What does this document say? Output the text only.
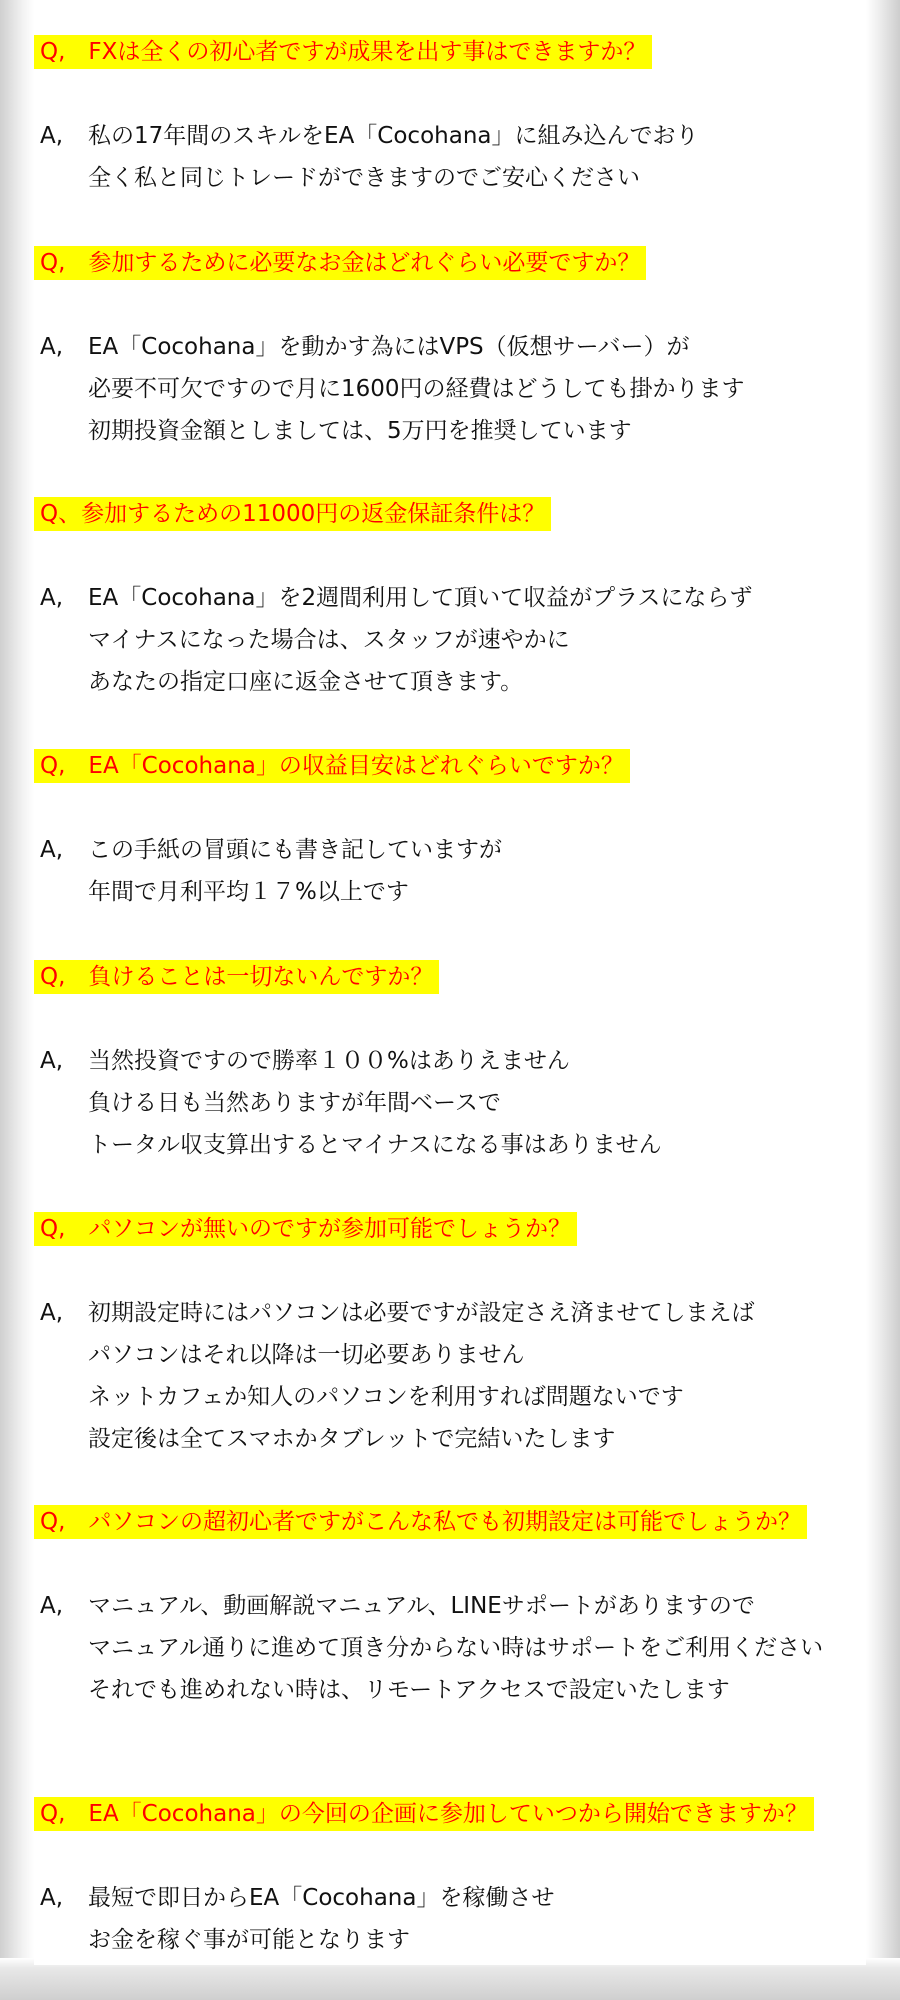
Q,　FXは全くの初心者ですが成果を出す事はできますか？
A, 私の17年間のスキルをEA「Cocohana」に組み込んでおり
全く私と同じトレードができますのでご安心ください
Q,　参加するために必要なお金はどれぐらい必要ですか？
A, EA「Cocohana」を動かす為にはVPS（仮想サーバー）が
必要不可欠ですので月に1600円の経費はどうしても掛かります
初期投資金額としましては、5万円を推奨しています
Q、参加するための11000円の返金保証条件は？
A, EA「Cocohana」を2週間利用して頂いて収益がプラスにならず
マイナスになった場合は、スタッフが速やかに
あなたの指定口座に返金させて頂きます。
Q,　EA「Cocohana」の収益目安はどれぐらいですか？
A, この手紙の冒頭にも書き記していますが
年間で月利平均１７%以上です
Q,　負けることは一切ないんですか？
A, 当然投資ですので勝率１００%はありえません
負ける日も当然ありますが年間ベースで
トータル収支算出するとマイナスになる事はありません
Q,　パソコンが無いのですが参加可能でしょうか？
A, 初期設定時にはパソコンは必要ですが設定さえ済ませてしまえば
パソコンはそれ以降は一切必要ありません
ネットカフェか知人のパソコンを利用すれば問題ないです
設定後は全てスマホかタブレットで完結いたします
Q,　パソコンの超初心者ですがこんな私でも初期設定は可能でしょうか？
A, マニュアル、動画解説マニュアル、LINEサポートがありますので
マニュアル通りに進めて頂き分からない時はサポートをご利用ください
それでも進めれない時は、リモートアクセスで設定いたします
Q,　EA「Cocohana」の今回の企画に参加していつから開始できますか？
A, 最短で即日からEA「Cocohana」を稼働させ
お金を稼ぐ事が可能となります
